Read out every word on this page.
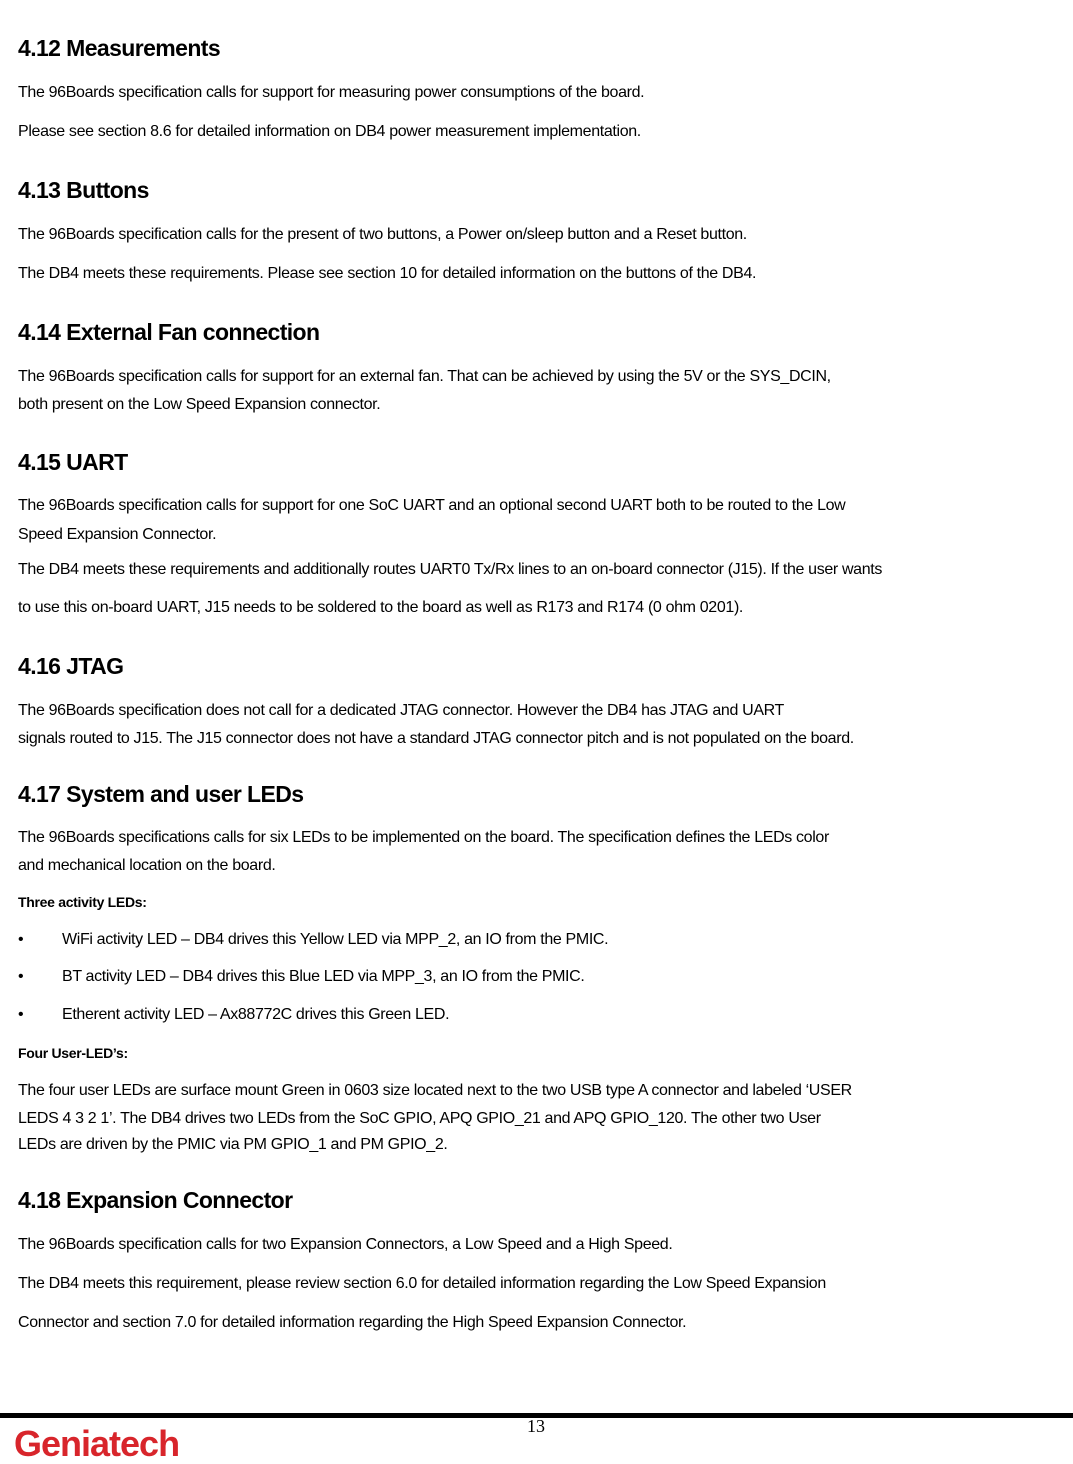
4.12 Measurements
The 96Boards specification calls for support for measuring power consumptions of the board.
Please see section 8.6 for detailed information on DB4 power measurement implementation.
4.13 Buttons
The 96Boards specification calls for the present of two buttons, a Power on/sleep button and a Reset button.
The DB4 meets these requirements. Please see section 10 for detailed information on the buttons of the DB4.
4.14 External Fan connection
The 96Boards specification calls for support for an external fan. That can be achieved by using the 5V or the SYS_DCIN,
both present on the Low Speed Expansion connector.
4.15 UART
The 96Boards specification calls for support for one SoC UART and an optional second UART both to be routed to the Low
Speed Expansion Connector.
The DB4 meets these requirements and additionally routes UART0 Tx/Rx lines to an on-board connector (J15). If the user wants
to use this on-board UART, J15 needs to be soldered to the board as well as R173 and R174 (0 ohm 0201).
4.16 JTAG
The 96Boards specification does not call for a dedicated JTAG connector. However the DB4 has JTAG and UART
signals routed to J15. The J15 connector does not have a standard JTAG connector pitch and is not populated on the board.
4.17 System and user LEDs
The 96Boards specifications calls for six LEDs to be implemented on the board. The specification defines the LEDs color
and mechanical location on the board.
Three activity LEDs:
• WiFi activity LED – DB4 drives this Yellow LED via MPP_2, an IO from the PMIC.
• BT activity LED – DB4 drives this Blue LED via MPP_3, an IO from the PMIC.
• Etherent activity LED – Ax88772C drives this Green LED.
Four User-LED’s:
The four user LEDs are surface mount Green in 0603 size located next to the two USB type A connector and labeled ‘USER
LEDS 4 3 2 1’. The DB4 drives two LEDs from the SoC GPIO, APQ GPIO_21 and APQ GPIO_120. The other two User
LEDs are driven by the PMIC via PM GPIO_1 and PM GPIO_2.
4.18 Expansion Connector
The 96Boards specification calls for two Expansion Connectors, a Low Speed and a High Speed.
The DB4 meets this requirement, please review section 6.0 for detailed information regarding the Low Speed Expansion
Connector and section 7.0 for detailed information regarding the High Speed Expansion Connector.
13
Geniatech
